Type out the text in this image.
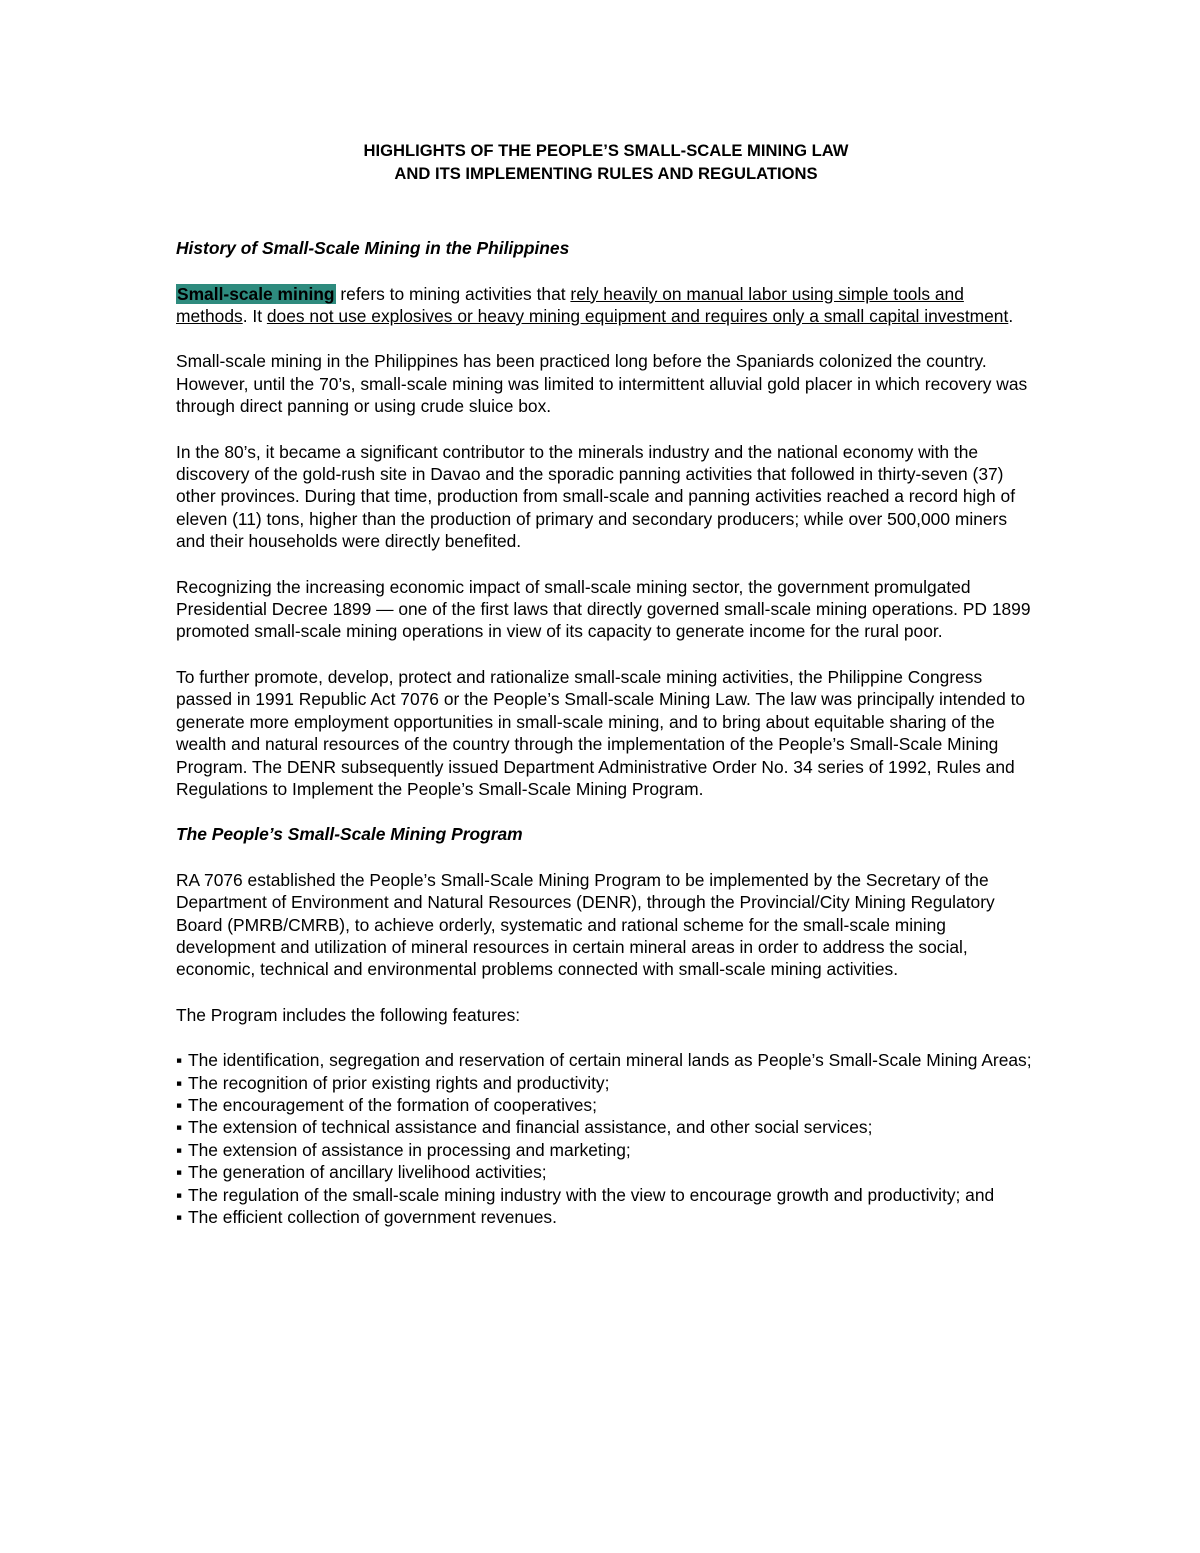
HIGHLIGHTS OF THE PEOPLE’S SMALL-SCALE MINING LAW
AND ITS IMPLEMENTING RULES AND REGULATIONS
History of Small-Scale Mining in the Philippines

Small-scale mining refers to mining activities that rely heavily on manual labor using simple tools and methods. It does not use explosives or heavy mining equipment and requires only a small capital investment.

Small-scale mining in the Philippines has been practiced long before the Spaniards colonized the country. However, until the 70’s, small-scale mining was limited to intermittent alluvial gold placer in which recovery was through direct panning or using crude sluice box.

In the 80’s, it became a significant contributor to the minerals industry and the national economy with the discovery of the gold-rush site in Davao and the sporadic panning activities that followed in thirty-seven (37) other provinces. During that time, production from small-scale and panning activities reached a record high of eleven (11) tons, higher than the production of primary and secondary producers; while over 500,000 miners and their households were directly benefited.

Recognizing the increasing economic impact of small-scale mining sector, the government promulgated Presidential Decree 1899 — one of the first laws that directly governed small-scale mining operations. PD 1899 promoted small-scale mining operations in view of its capacity to generate income for the rural poor.

To further promote, develop, protect and rationalize small-scale mining activities, the Philippine Congress passed in 1991 Republic Act 7076 or the People’s Small-scale Mining Law. The law was principally intended to generate more employment opportunities in small-scale mining, and to bring about equitable sharing of the wealth and natural resources of the country through the implementation of the People’s Small-Scale Mining Program. The DENR subsequently issued Department Administrative Order No. 34 series of 1992, Rules and Regulations to Implement the People’s Small-Scale Mining Program.

The People’s Small-Scale Mining Program

RA 7076 established the People’s Small-Scale Mining Program to be implemented by the Secretary of the Department of Environment and Natural Resources (DENR), through the Provincial/City Mining Regulatory Board (PMRB/CMRB), to achieve orderly, systematic and rational scheme for the small-scale mining development and utilization of mineral resources in certain mineral areas in order to address the social, economic, technical and environmental problems connected with small-scale mining activities.

The Program includes the following features:

▪ The identification, segregation and reservation of certain mineral lands as People’s Small-Scale Mining Areas;
▪ The recognition of prior existing rights and productivity;
▪ The encouragement of the formation of cooperatives;
▪ The extension of technical assistance and financial assistance, and other social services;
▪ The extension of assistance in processing and marketing;
▪ The generation of ancillary livelihood activities;
▪ The regulation of the small-scale mining industry with the view to encourage growth and productivity; and
▪ The efficient collection of government revenues.
